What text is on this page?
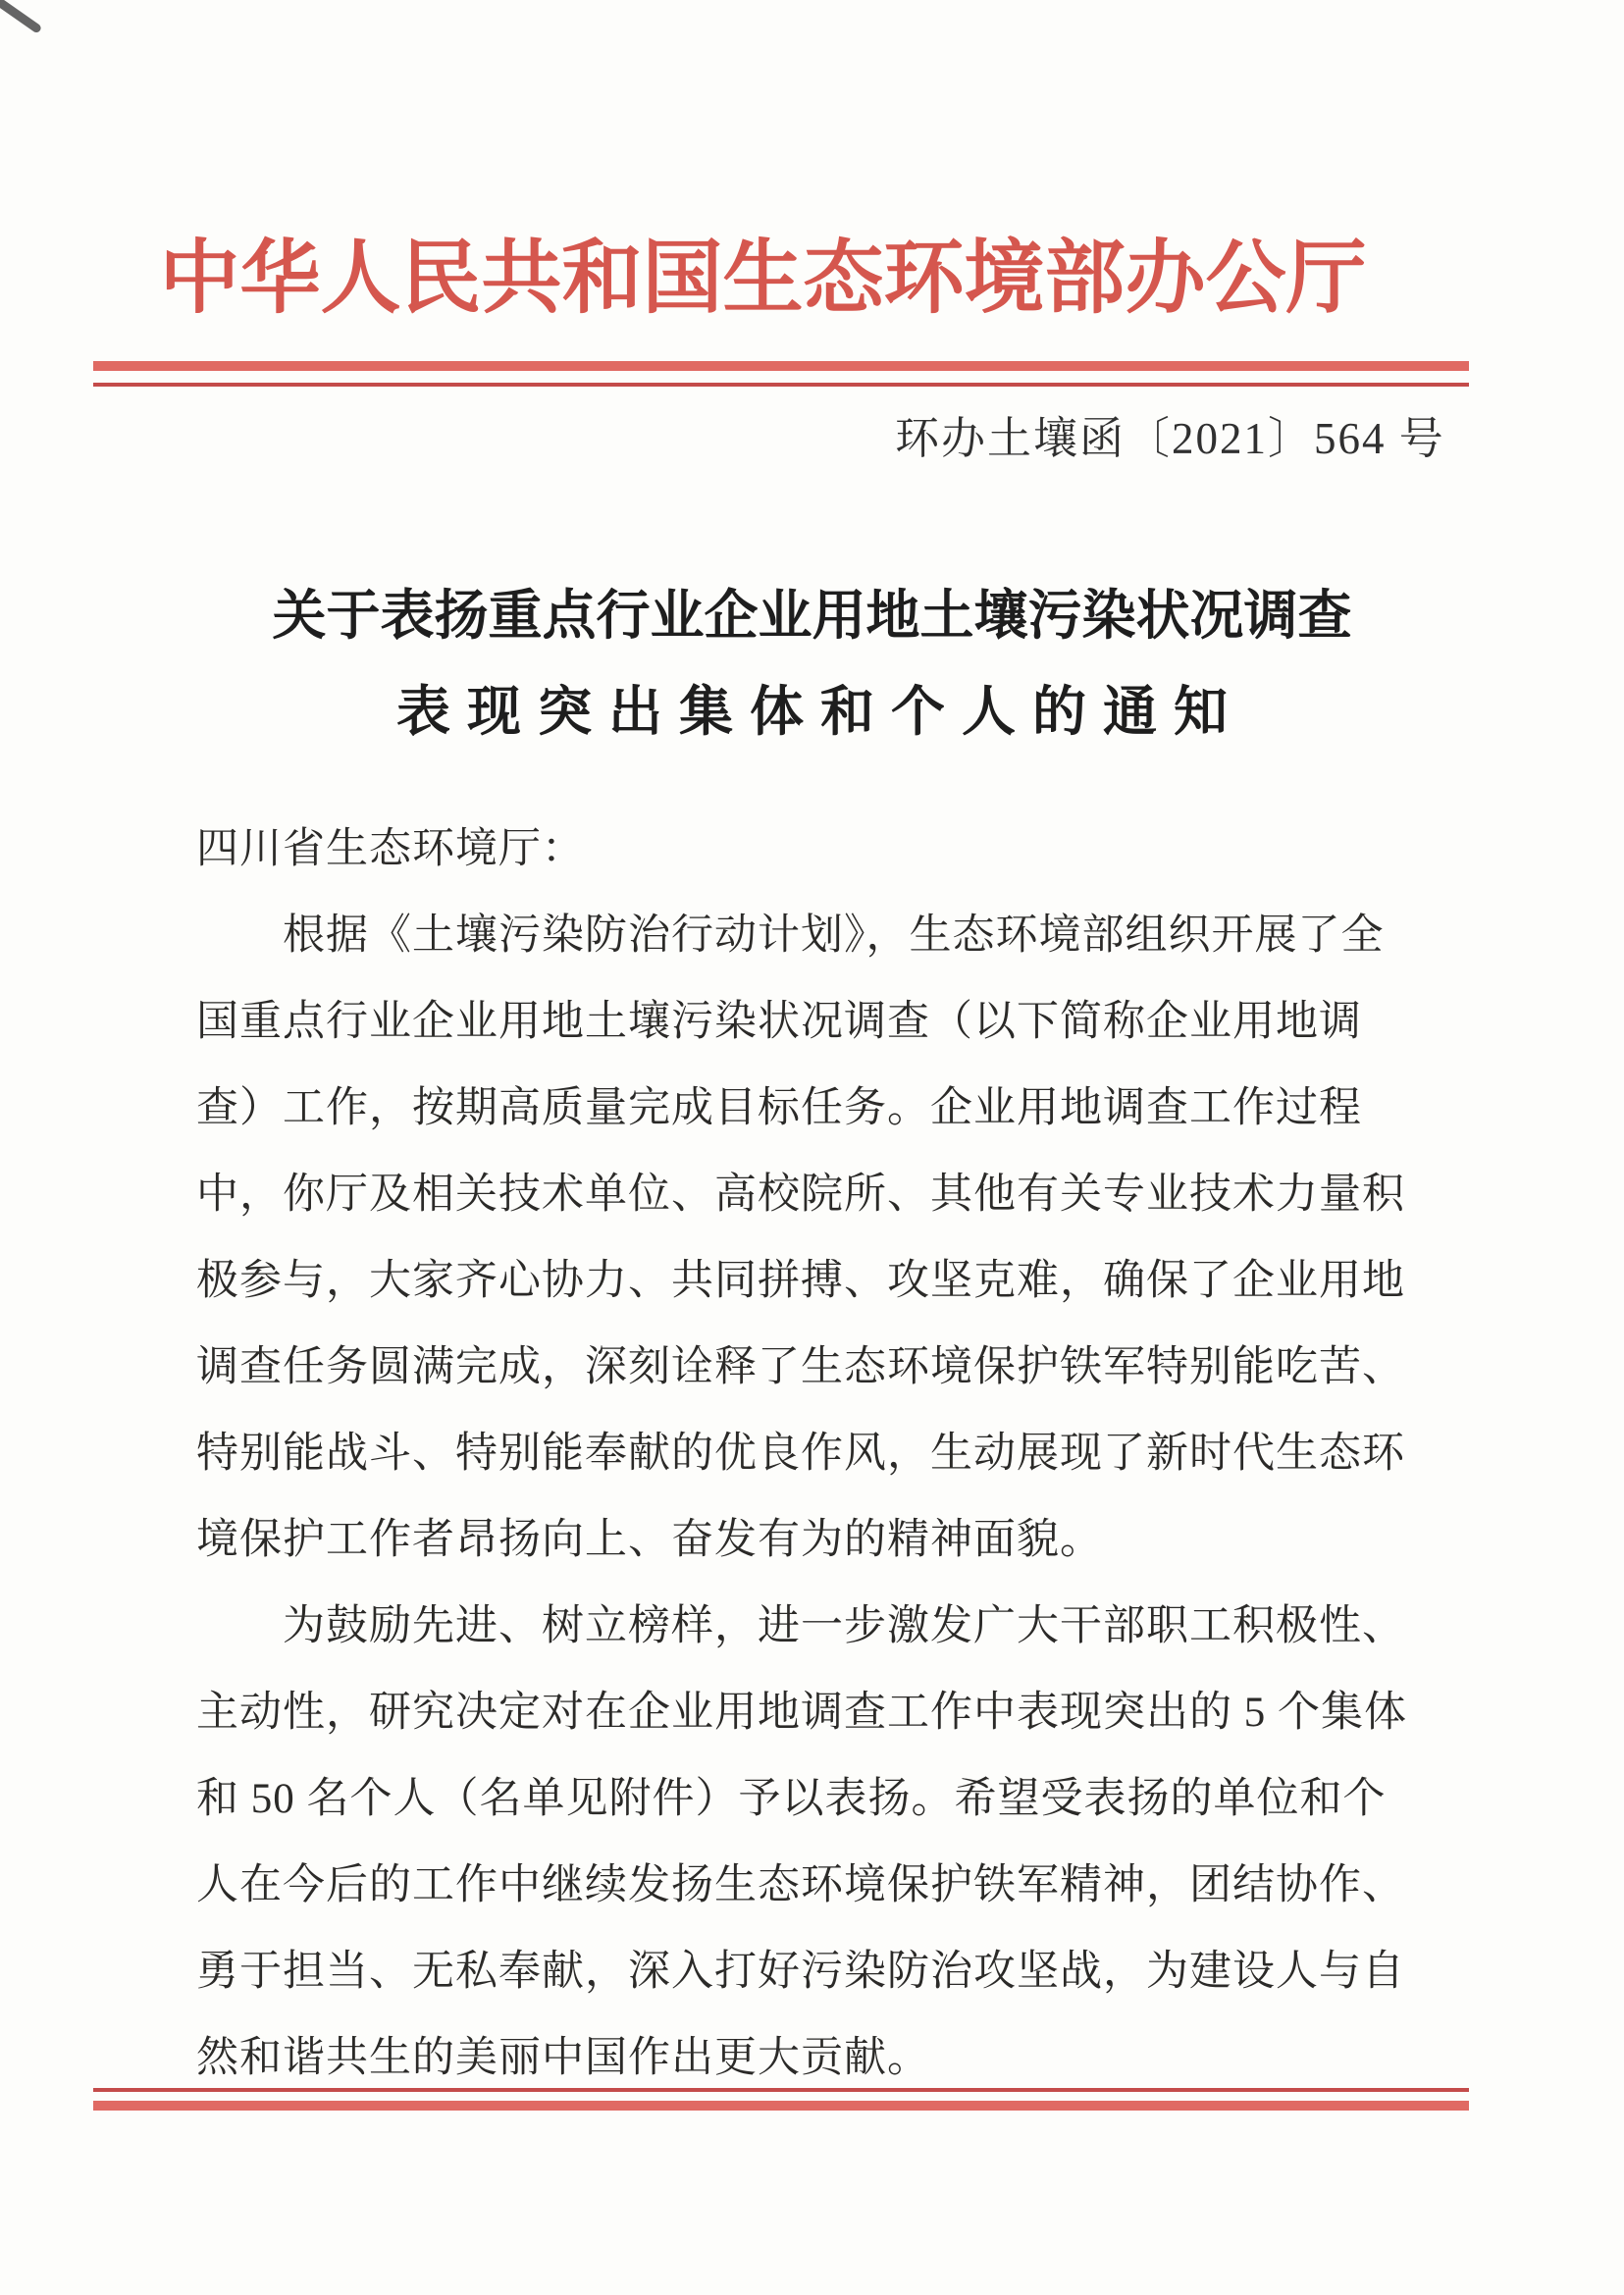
中华人民共和国生态环境部办公厅
环办土壤函〔2021〕564 号
关于表扬重点行业企业用地土壤污染状况调查
表现突出集体和个人的通知
四川省生态环境厅：
根据《土壤污染防治行动计划》，生态环境部组织开展了全
国重点行业企业用地土壤污染状况调查（以下简称企业用地调
查）工作，按期高质量完成目标任务。企业用地调查工作过程
中，你厅及相关技术单位、高校院所、其他有关专业技术力量积
极参与，大家齐心协力、共同拼搏、攻坚克难，确保了企业用地
调查任务圆满完成，深刻诠释了生态环境保护铁军特别能吃苦、
特别能战斗、特别能奉献的优良作风，生动展现了新时代生态环
境保护工作者昂扬向上、奋发有为的精神面貌。
为鼓励先进、树立榜样，进一步激发广大干部职工积极性、
主动性，研究决定对在企业用地调查工作中表现突出的 5 个集体
和 50 名个人（名单见附件）予以表扬。希望受表扬的单位和个
人在今后的工作中继续发扬生态环境保护铁军精神，团结协作、
勇于担当、无私奉献，深入打好污染防治攻坚战，为建设人与自
然和谐共生的美丽中国作出更大贡献。
